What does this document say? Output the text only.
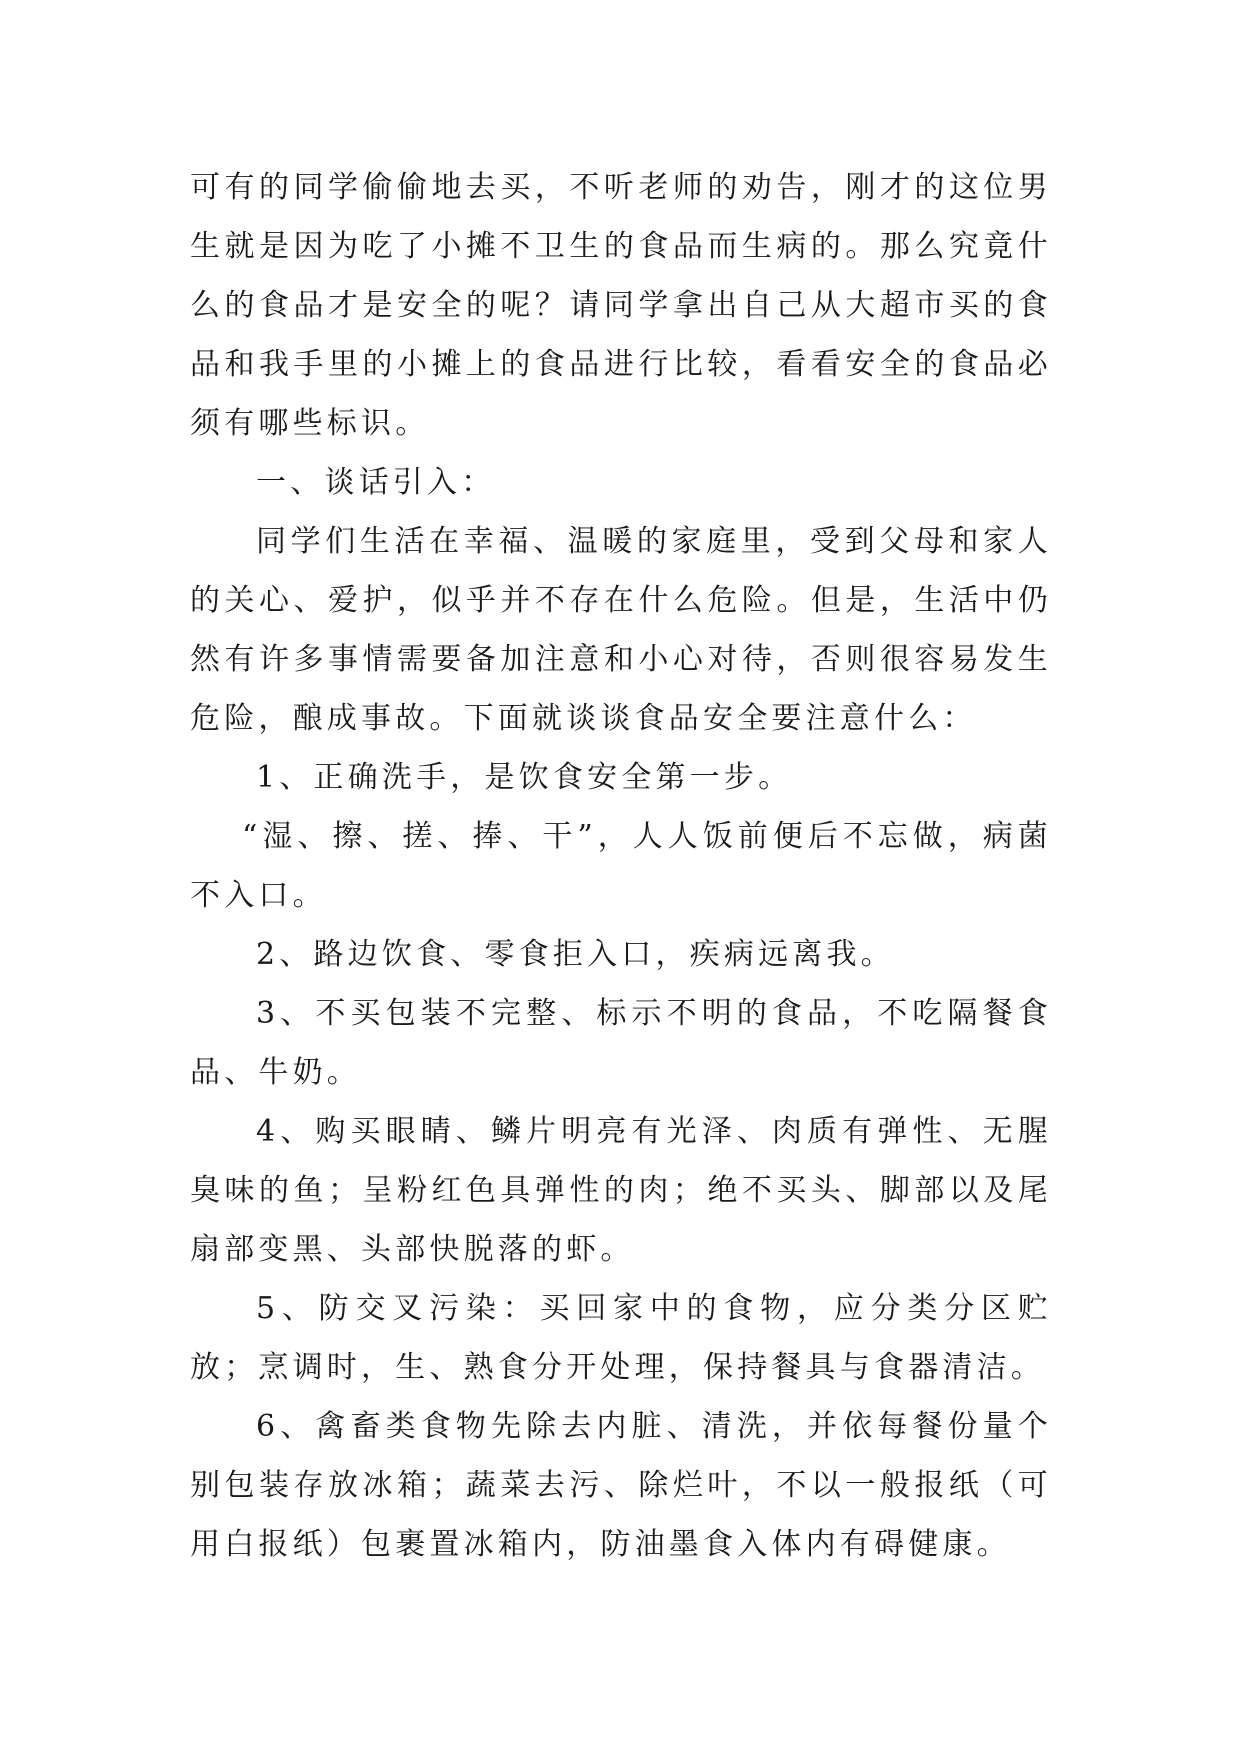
可有的同学偷偷地去买，不听老师的劝告，刚才的这位男生就是因为吃了小摊不卫生的食品而生病的。那么究竟什么的食品才是安全的呢？请同学拿出自己从大超市买的食品和我手里的小摊上的食品进行比较，看看安全的食品必须有哪些标识。

一、谈话引入：

同学们生活在幸福、温暖的家庭里，受到父母和家人的关心、爱护，似乎并不存在什么危险。但是，生活中仍然有许多事情需要备加注意和小心对待，否则很容易发生危险，酿成事故。下面就谈谈食品安全要注意什么：

1、正确洗手，是饮食安全第一步。

“湿、擦、搓、捧、干”，人人饭前便后不忘做，病菌不入口。

2、路边饮食、零食拒入口，疾病远离我。

3、不买包装不完整、标示不明的食品，不吃隔餐食品、牛奶。

4、购买眼睛、鳞片明亮有光泽、肉质有弹性、无腥臭味的鱼；呈粉红色具弹性的肉；绝不买头、脚部以及尾扇部变黑、头部快脱落的虾。

5、防交叉污染：买回家中的食物，应分类分区贮放；烹调时，生、熟食分开处理，保持餐具与食器清洁。

6、禽畜类食物先除去内脏、清洗，并依每餐份量个别包装存放冰箱；蔬菜去污、除烂叶，不以一般报纸（可用白报纸）包裹置冰箱内，防油墨食入体内有碍健康。
